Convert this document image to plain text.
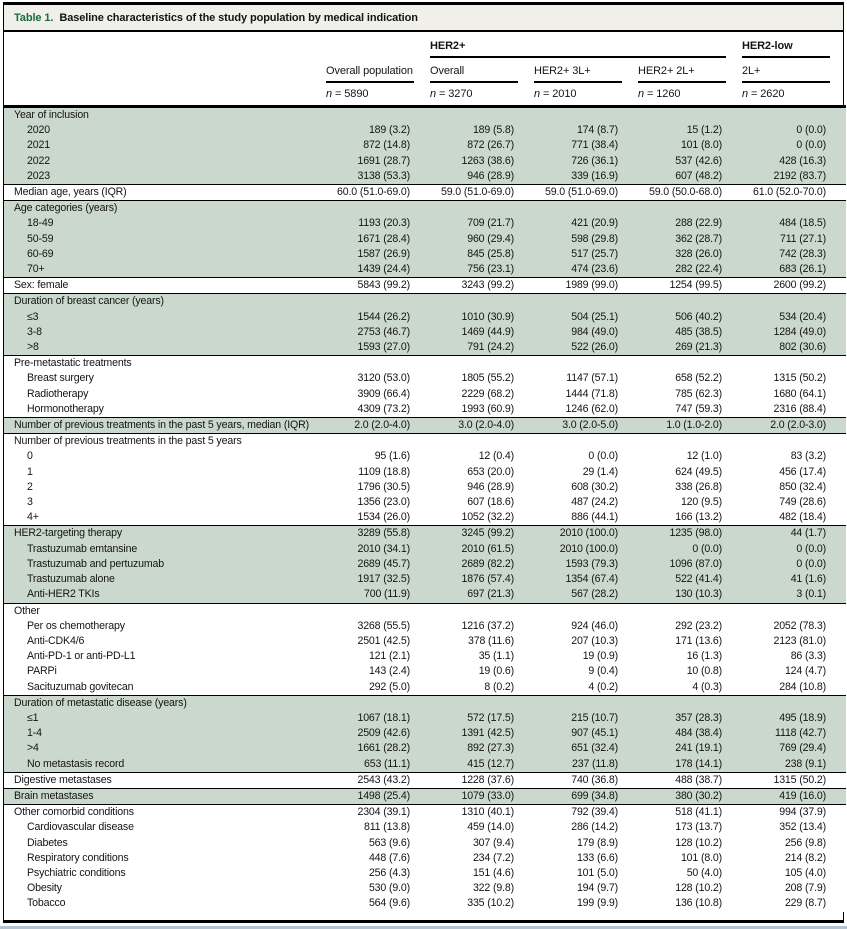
Table 1. Baseline characteristics of the study population by medical indication

		HER2+			HER2-low

	Overall population	Overall	HER2+ 3L+	HER2+ 2L+	2L+

	n = 5890	n = 3270	n = 2010	n = 1260	n = 2620

Year of inclusion					
2020	189 (3.2)	189 (5.8)	174 (8.7)	15 (1.2)	0 (0.0)
2021	872 (14.8)	872 (26.7)	771 (38.4)	101 (8.0)	0 (0.0)
2022	1691 (28.7)	1263 (38.6)	726 (36.1)	537 (42.6)	428 (16.3)
2023	3138 (53.3)	946 (28.9)	339 (16.9)	607 (48.2)	2192 (83.7)
Median age, years (IQR)	60.0 (51.0-69.0)	59.0 (51.0-69.0)	59.0 (51.0-69.0)	59.0 (50.0-68.0)	61.0 (52.0-70.0)
Age categories (years)					
18-49	1193 (20.3)	709 (21.7)	421 (20.9)	288 (22.9)	484 (18.5)
50-59	1671 (28.4)	960 (29.4)	598 (29.8)	362 (28.7)	711 (27.1)
60-69	1587 (26.9)	845 (25.8)	517 (25.7)	328 (26.0)	742 (28.3)
70+	1439 (24.4)	756 (23.1)	474 (23.6)	282 (22.4)	683 (26.1)
Sex: female	5843 (99.2)	3243 (99.2)	1989 (99.0)	1254 (99.5)	2600 (99.2)
Duration of breast cancer (years)					
≤3	1544 (26.2)	1010 (30.9)	504 (25.1)	506 (40.2)	534 (20.4)
3-8	2753 (46.7)	1469 (44.9)	984 (49.0)	485 (38.5)	1284 (49.0)
>8	1593 (27.0)	791 (24.2)	522 (26.0)	269 (21.3)	802 (30.6)
Pre-metastatic treatments					
Breast surgery	3120 (53.0)	1805 (55.2)	1147 (57.1)	658 (52.2)	1315 (50.2)
Radiotherapy	3909 (66.4)	2229 (68.2)	1444 (71.8)	785 (62.3)	1680 (64.1)
Hormonotherapy	4309 (73.2)	1993 (60.9)	1246 (62.0)	747 (59.3)	2316 (88.4)
Number of previous treatments in the past 5 years, median (IQR)	2.0 (2.0-4.0)	3.0 (2.0-4.0)	3.0 (2.0-5.0)	1.0 (1.0-2.0)	2.0 (2.0-3.0)
Number of previous treatments in the past 5 years					
0	95 (1.6)	12 (0.4)	0 (0.0)	12 (1.0)	83 (3.2)
1	1109 (18.8)	653 (20.0)	29 (1.4)	624 (49.5)	456 (17.4)
2	1796 (30.5)	946 (28.9)	608 (30.2)	338 (26.8)	850 (32.4)
3	1356 (23.0)	607 (18.6)	487 (24.2)	120 (9.5)	749 (28.6)
4+	1534 (26.0)	1052 (32.2)	886 (44.1)	166 (13.2)	482 (18.4)
HER2-targeting therapy	3289 (55.8)	3245 (99.2)	2010 (100.0)	1235 (98.0)	44 (1.7)
Trastuzumab emtansine	2010 (34.1)	2010 (61.5)	2010 (100.0)	0 (0.0)	0 (0.0)
Trastuzumab and pertuzumab	2689 (45.7)	2689 (82.2)	1593 (79.3)	1096 (87.0)	0 (0.0)
Trastuzumab alone	1917 (32.5)	1876 (57.4)	1354 (67.4)	522 (41.4)	41 (1.6)
Anti-HER2 TKIs	700 (11.9)	697 (21.3)	567 (28.2)	130 (10.3)	3 (0.1)
Other					
Per os chemotherapy	3268 (55.5)	1216 (37.2)	924 (46.0)	292 (23.2)	2052 (78.3)
Anti-CDK4/6	2501 (42.5)	378 (11.6)	207 (10.3)	171 (13.6)	2123 (81.0)
Anti-PD-1 or anti-PD-L1	121 (2.1)	35 (1.1)	19 (0.9)	16 (1.3)	86 (3.3)
PARPi	143 (2.4)	19 (0.6)	9 (0.4)	10 (0.8)	124 (4.7)
Sacituzumab govitecan	292 (5.0)	8 (0.2)	4 (0.2)	4 (0.3)	284 (10.8)
Duration of metastatic disease (years)					
≤1	1067 (18.1)	572 (17.5)	215 (10.7)	357 (28.3)	495 (18.9)
1-4	2509 (42.6)	1391 (42.5)	907 (45.1)	484 (38.4)	1118 (42.7)
>4	1661 (28.2)	892 (27.3)	651 (32.4)	241 (19.1)	769 (29.4)
No metastasis record	653 (11.1)	415 (12.7)	237 (11.8)	178 (14.1)	238 (9.1)
Digestive metastases	2543 (43.2)	1228 (37.6)	740 (36.8)	488 (38.7)	1315 (50.2)
Brain metastases	1498 (25.4)	1079 (33.0)	699 (34.8)	380 (30.2)	419 (16.0)
Other comorbid conditions	2304 (39.1)	1310 (40.1)	792 (39.4)	518 (41.1)	994 (37.9)
Cardiovascular disease	811 (13.8)	459 (14.0)	286 (14.2)	173 (13.7)	352 (13.4)
Diabetes	563 (9.6)	307 (9.4)	179 (8.9)	128 (10.2)	256 (9.8)
Respiratory conditions	448 (7.6)	234 (7.2)	133 (6.6)	101 (8.0)	214 (8.2)
Psychiatric conditions	256 (4.3)	151 (4.6)	101 (5.0)	50 (4.0)	105 (4.0)
Obesity	530 (9.0)	322 (9.8)	194 (9.7)	128 (10.2)	208 (7.9)
Tobacco	564 (9.6)	335 (10.2)	199 (9.9)	136 (10.8)	229 (8.7)
